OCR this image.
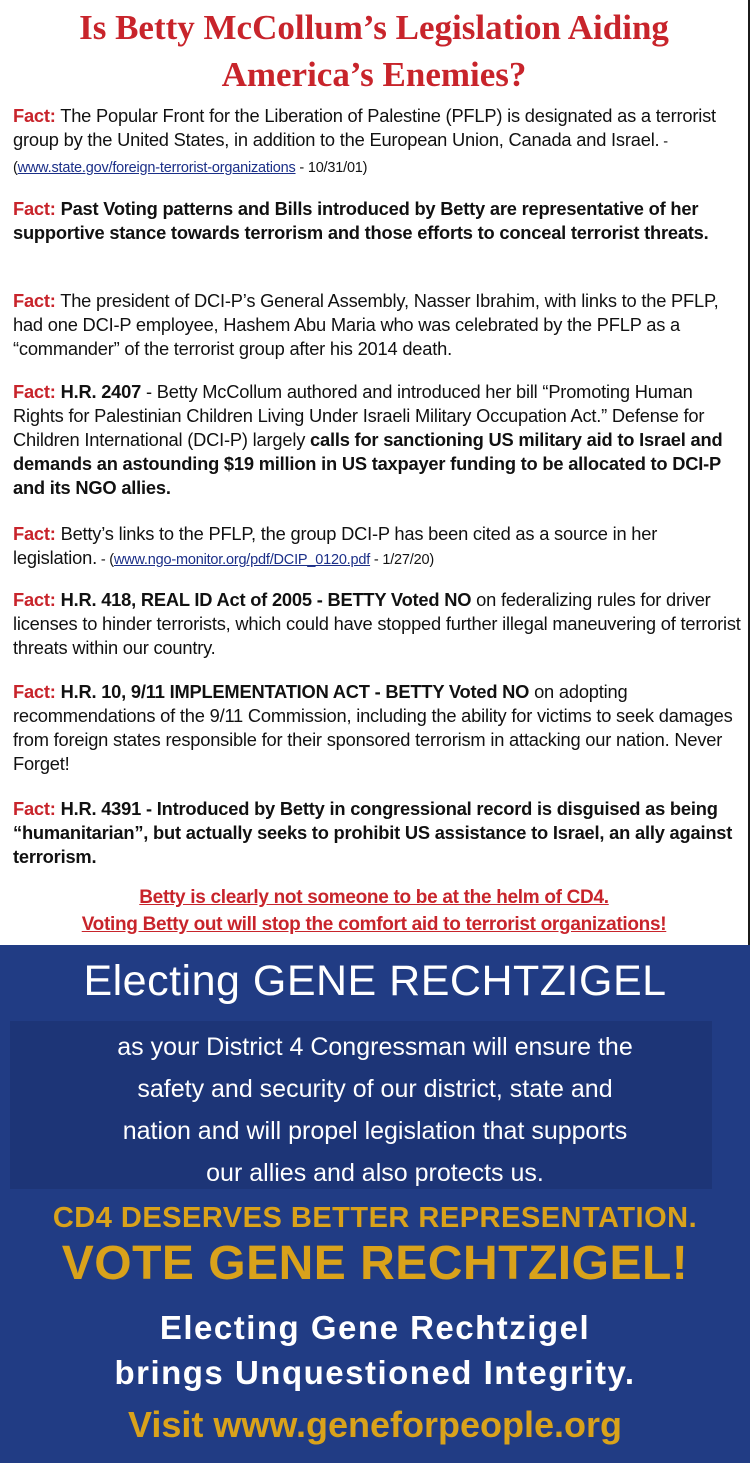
Is Betty McCollum’s Legislation Aiding
America’s Enemies?

Fact: The Popular Front for the Liberation of Palestine (PFLP) is designated as a terrorist group by the United States, in addition to the European Union, Canada and Israel. - (www.state.gov/foreign-terrorist-organizations - 10/31/01)

Fact: Past Voting patterns and Bills introduced by Betty are representative of her supportive stance towards terrorism and those efforts to conceal terrorist threats.

Fact: The president of DCI-P’s General Assembly, Nasser Ibrahim, with links to the PFLP, had one DCI-P employee, Hashem Abu Maria who was celebrated by the PFLP as a “commander” of the terrorist group after his 2014 death.

Fact: H.R. 2407 - Betty McCollum authored and introduced her bill “Promoting Human Rights for Palestinian Children Living Under Israeli Military Occupation Act.” Defense for Children International (DCI-P) largely calls for sanctioning US military aid to Israel and demands an astounding $19 million in US taxpayer funding to be allocated to DCI-P and its NGO allies.

Fact: Betty’s links to the PFLP, the group DCI-P has been cited as a source in her legislation. - (www.ngo-monitor.org/pdf/DCIP_0120.pdf - 1/27/20)

Fact: H.R. 418, REAL ID Act of 2005 - BETTY Voted NO on federalizing rules for driver licenses to hinder terrorists, which could have stopped further illegal maneuvering of terrorist threats within our country.

Fact: H.R. 10, 9/11 IMPLEMENTATION ACT - BETTY Voted NO on adopting recommendations of the 9/11 Commission, including the ability for victims to seek damages from foreign states responsible for their sponsored terrorism in attacking our nation. Never Forget!

Fact: H.R. 4391 - Introduced by Betty in congressional record is disguised as being “humanitarian”, but actually seeks to prohibit US assistance to Israel, an ally against terrorism.

Betty is clearly not someone to be at the helm of CD4.
Voting Betty out will stop the comfort aid to terrorist organizations!
Electing GENE RECHTZIGEL
as your District 4 Congressman will ensure the
safety and security of our district, state and
nation and will propel legislation that supports
our allies and also protects us.
CD4 DESERVES BETTER REPRESENTATION.
VOTE GENE RECHTZIGEL!
Electing Gene Rechtzigel
brings Unquestioned Integrity.
Visit www.geneforpeople.org
